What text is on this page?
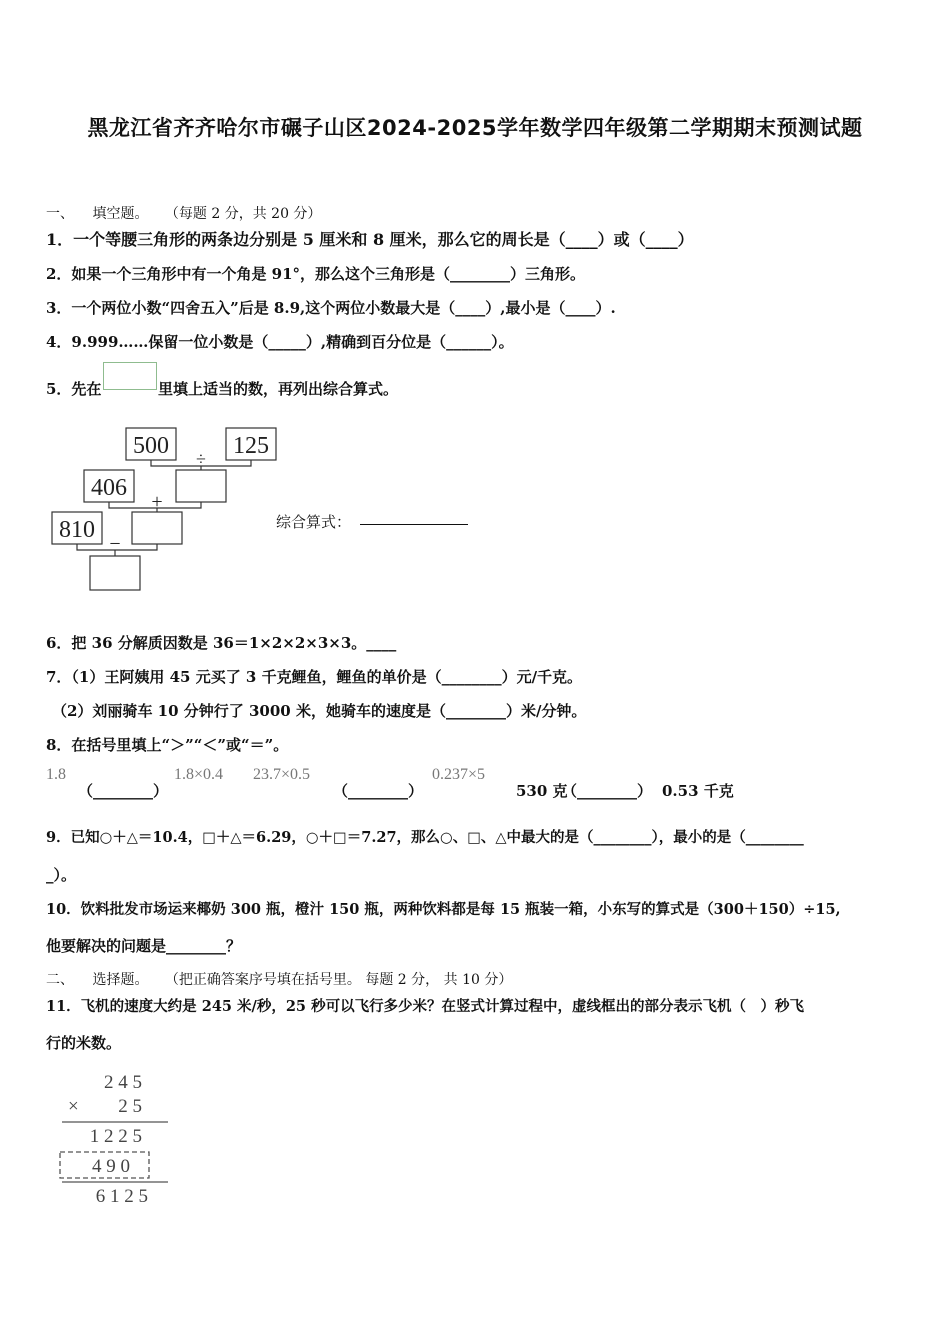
黑龙江省齐齐哈尔市碾子山区2024-2025学年数学四年级第二学期期末预测试题
一、 填空题。 （每题 2 分，共 20 分）
1．一个等腰三角形的两条边分别是 5 厘米和 8 厘米，那么它的周长是（____）或（____）
2．如果一个三角形中有一个角是 91°，那么这个三角形是（________）三角形。
3．一个两位小数“四舍五入”后是 8.9,这个两位小数最大是（____）,最小是（____）.
4．9.999……保留一位小数是（_____）,精确到百分位是（______）。
5．先在	里填上适当的数，再列出综合算式。
500	125
÷
406
+
810
−
综合算式：
6．把 36 分解质因数是 36＝1×2×2×3×3。____
7．（1）王阿姨用 45 元买了 3 千克鲤鱼，鲤鱼的单价是（________）元/千克。
（2）刘丽骑车 10 分钟行了 3000 米，她骑车的速度是（________）米/分钟。
8．在括号里填上“＞”“＜”或“＝”。
1.8
（________）
1.8×0.4 23.7×0.5
（________）
0.237×5
530 克
（________） 0.53 千克
9．已知○＋△＝10.4，□＋△＝6.29，○＋□＝7.27，那么○、□、△中最大的是（________），最小的是（________
_）。
10．饮料批发市场运来椰奶 300 瓶，橙汁 150 瓶，两种饮料都是每 15 瓶装一箱，小东写的算式是（300＋150）÷15,
他要解决的问题是________？
二、 选择题。 （把正确答案序号填在括号里。 每题 2 分， 共 10 分）
11．飞机的速度大约是 245 米/秒，25 秒可以飞行多少米？在竖式计算过程中，虚线框出的部分表示飞机（　）秒飞
行的米数。
2 4 5
× 2 5
1 2 2 5
4 9 0
6 1 2 5
